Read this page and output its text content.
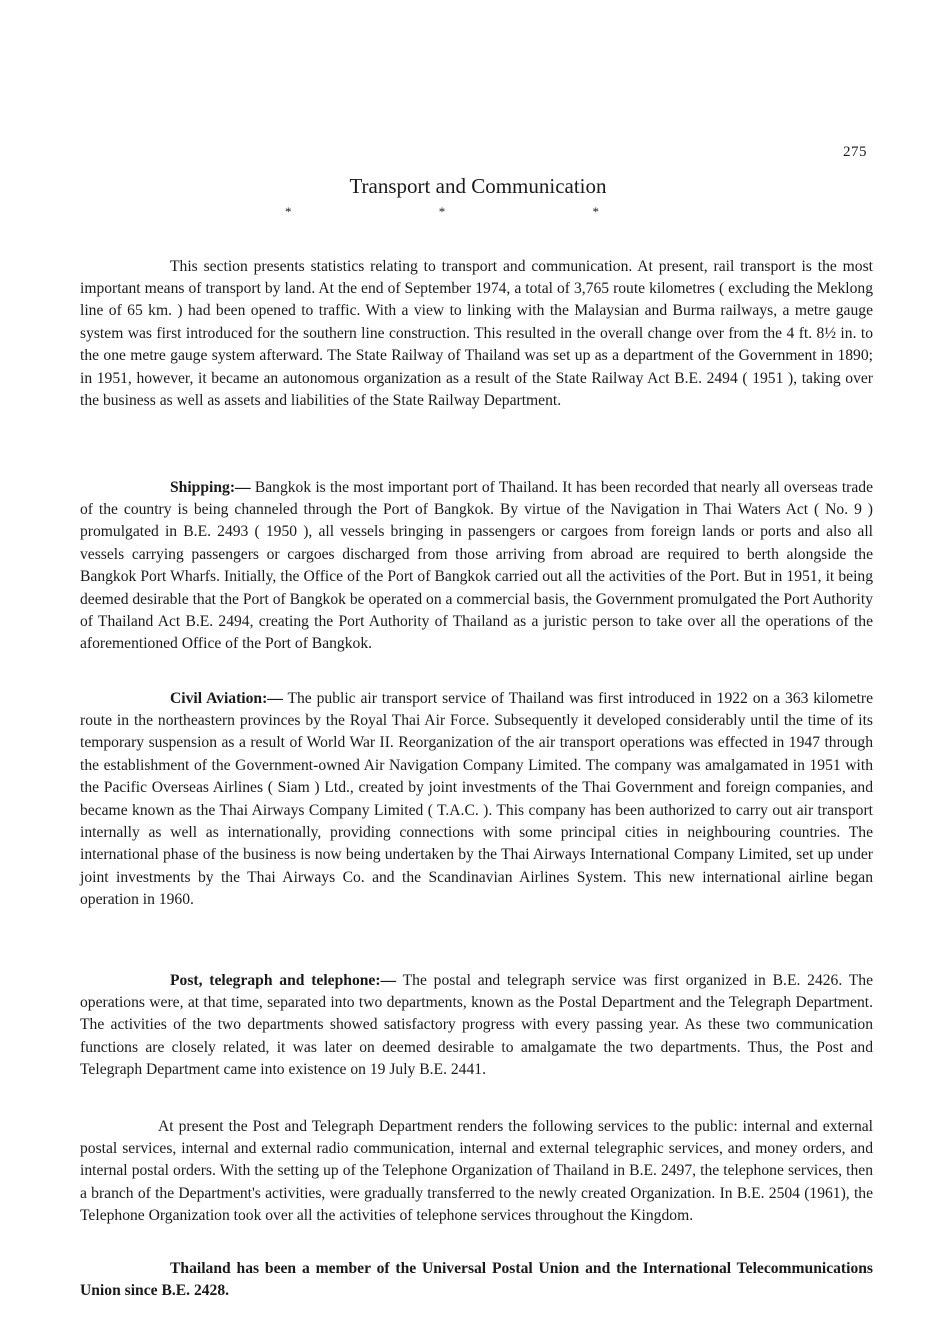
275
Transport and Communication
* * *

This section presents statistics relating to transport and communication. At present, rail transport is the most important means of transport by land. At the end of September 1974, a total of 3,765 route kilometres ( excluding the Meklong line of 65 km. ) had been opened to traffic. With a view to linking with the Malaysian and Burma railways, a metre gauge system was first introduced for the southern line construction. This resulted in the overall change over from the 4 ft. 8½ in. to the one metre gauge system afterward. The State Railway of Thailand was set up as a department of the Government in 1890; in 1951, however, it became an autonomous organization as a result of the State Railway Act B.E. 2494 ( 1951 ), taking over the business as well as assets and liabilities of the State Railway Department.

Shipping:— Bangkok is the most important port of Thailand. It has been recorded that nearly all overseas trade of the country is being channeled through the Port of Bangkok. By virtue of the Navigation in Thai Waters Act ( No. 9 ) promulgated in B.E. 2493 ( 1950 ), all vessels bringing in passengers or cargoes from foreign lands or ports and also all vessels carrying passengers or cargoes discharged from those arriving from abroad are required to berth alongside the Bangkok Port Wharfs. Initially, the Office of the Port of Bangkok carried out all the activities of the Port. But in 1951, it being deemed desirable that the Port of Bangkok be operated on a commercial basis, the Government promulgated the Port Authority of Thailand Act B.E. 2494, creating the Port Authority of Thailand as a juristic person to take over all the operations of the aforementioned Office of the Port of Bangkok.

Civil Aviation:— The public air transport service of Thailand was first introduced in 1922 on a 363 kilometre route in the northeastern provinces by the Royal Thai Air Force. Subsequently it developed considerably until the time of its temporary suspension as a result of World War II. Reorganization of the air transport operations was effected in 1947 through the establishment of the Government-owned Air Navigation Company Limited. The company was amalgamated in 1951 with the Pacific Overseas Airlines ( Siam ) Ltd., created by joint investments of the Thai Government and foreign companies, and became known as the Thai Airways Company Limited ( T.A.C. ). This company has been authorized to carry out air transport internally as well as internationally, providing connections with some principal cities in neighbouring countries. The international phase of the business is now being undertaken by the Thai Airways International Company Limited, set up under joint investments by the Thai Airways Co. and the Scandinavian Airlines System. This new international airline began operation in 1960.

Post, telegraph and telephone:— The postal and telegraph service was first organized in B.E. 2426. The operations were, at that time, separated into two departments, known as the Postal Department and the Telegraph Department. The activities of the two departments showed satisfactory progress with every passing year. As these two communication functions are closely related, it was later on deemed desirable to amalgamate the two departments. Thus, the Post and Telegraph Department came into existence on 19 July B.E. 2441.

At present the Post and Telegraph Department renders the following services to the public: internal and external postal services, internal and external radio communication, internal and external telegraphic services, and money orders, and internal postal orders. With the setting up of the Telephone Organization of Thailand in B.E. 2497, the telephone services, then a branch of the Department's activities, were gradually transferred to the newly created Organization. In B.E. 2504 (1961), the Telephone Organization took over all the activities of telephone services throughout the Kingdom.

Thailand has been a member of the Universal Postal Union and the International Telecommunications Union since B.E. 2428.
